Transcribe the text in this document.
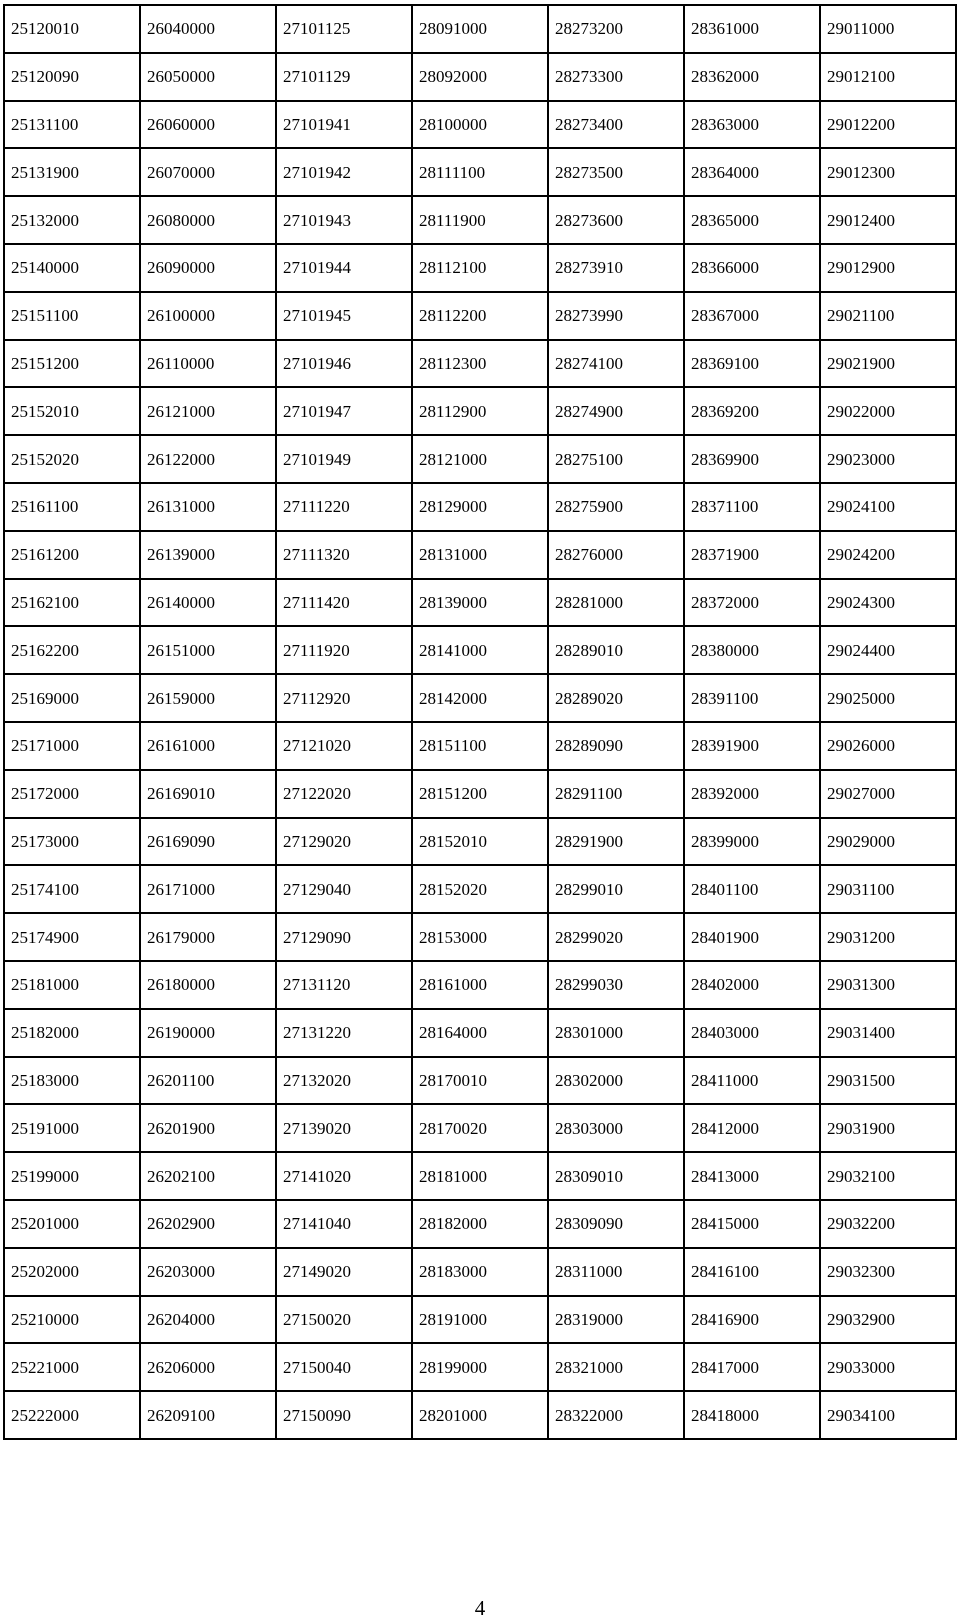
25120010	26040000	27101125	28091000	28273200	28361000	29011000
25120090	26050000	27101129	28092000	28273300	28362000	29012100
25131100	26060000	27101941	28100000	28273400	28363000	29012200
25131900	26070000	27101942	28111100	28273500	28364000	29012300
25132000	26080000	27101943	28111900	28273600	28365000	29012400
25140000	26090000	27101944	28112100	28273910	28366000	29012900
25151100	26100000	27101945	28112200	28273990	28367000	29021100
25151200	26110000	27101946	28112300	28274100	28369100	29021900
25152010	26121000	27101947	28112900	28274900	28369200	29022000
25152020	26122000	27101949	28121000	28275100	28369900	29023000
25161100	26131000	27111220	28129000	28275900	28371100	29024100
25161200	26139000	27111320	28131000	28276000	28371900	29024200
25162100	26140000	27111420	28139000	28281000	28372000	29024300
25162200	26151000	27111920	28141000	28289010	28380000	29024400
25169000	26159000	27112920	28142000	28289020	28391100	29025000
25171000	26161000	27121020	28151100	28289090	28391900	29026000
25172000	26169010	27122020	28151200	28291100	28392000	29027000
25173000	26169090	27129020	28152010	28291900	28399000	29029000
25174100	26171000	27129040	28152020	28299010	28401100	29031100
25174900	26179000	27129090	28153000	28299020	28401900	29031200
25181000	26180000	27131120	28161000	28299030	28402000	29031300
25182000	26190000	27131220	28164000	28301000	28403000	29031400
25183000	26201100	27132020	28170010	28302000	28411000	29031500
25191000	26201900	27139020	28170020	28303000	28412000	29031900
25199000	26202100	27141020	28181000	28309010	28413000	29032100
25201000	26202900	27141040	28182000	28309090	28415000	29032200
25202000	26203000	27149020	28183000	28311000	28416100	29032300
25210000	26204000	27150020	28191000	28319000	28416900	29032900
25221000	26206000	27150040	28199000	28321000	28417000	29033000
25222000	26209100	27150090	28201000	28322000	28418000	29034100
4
